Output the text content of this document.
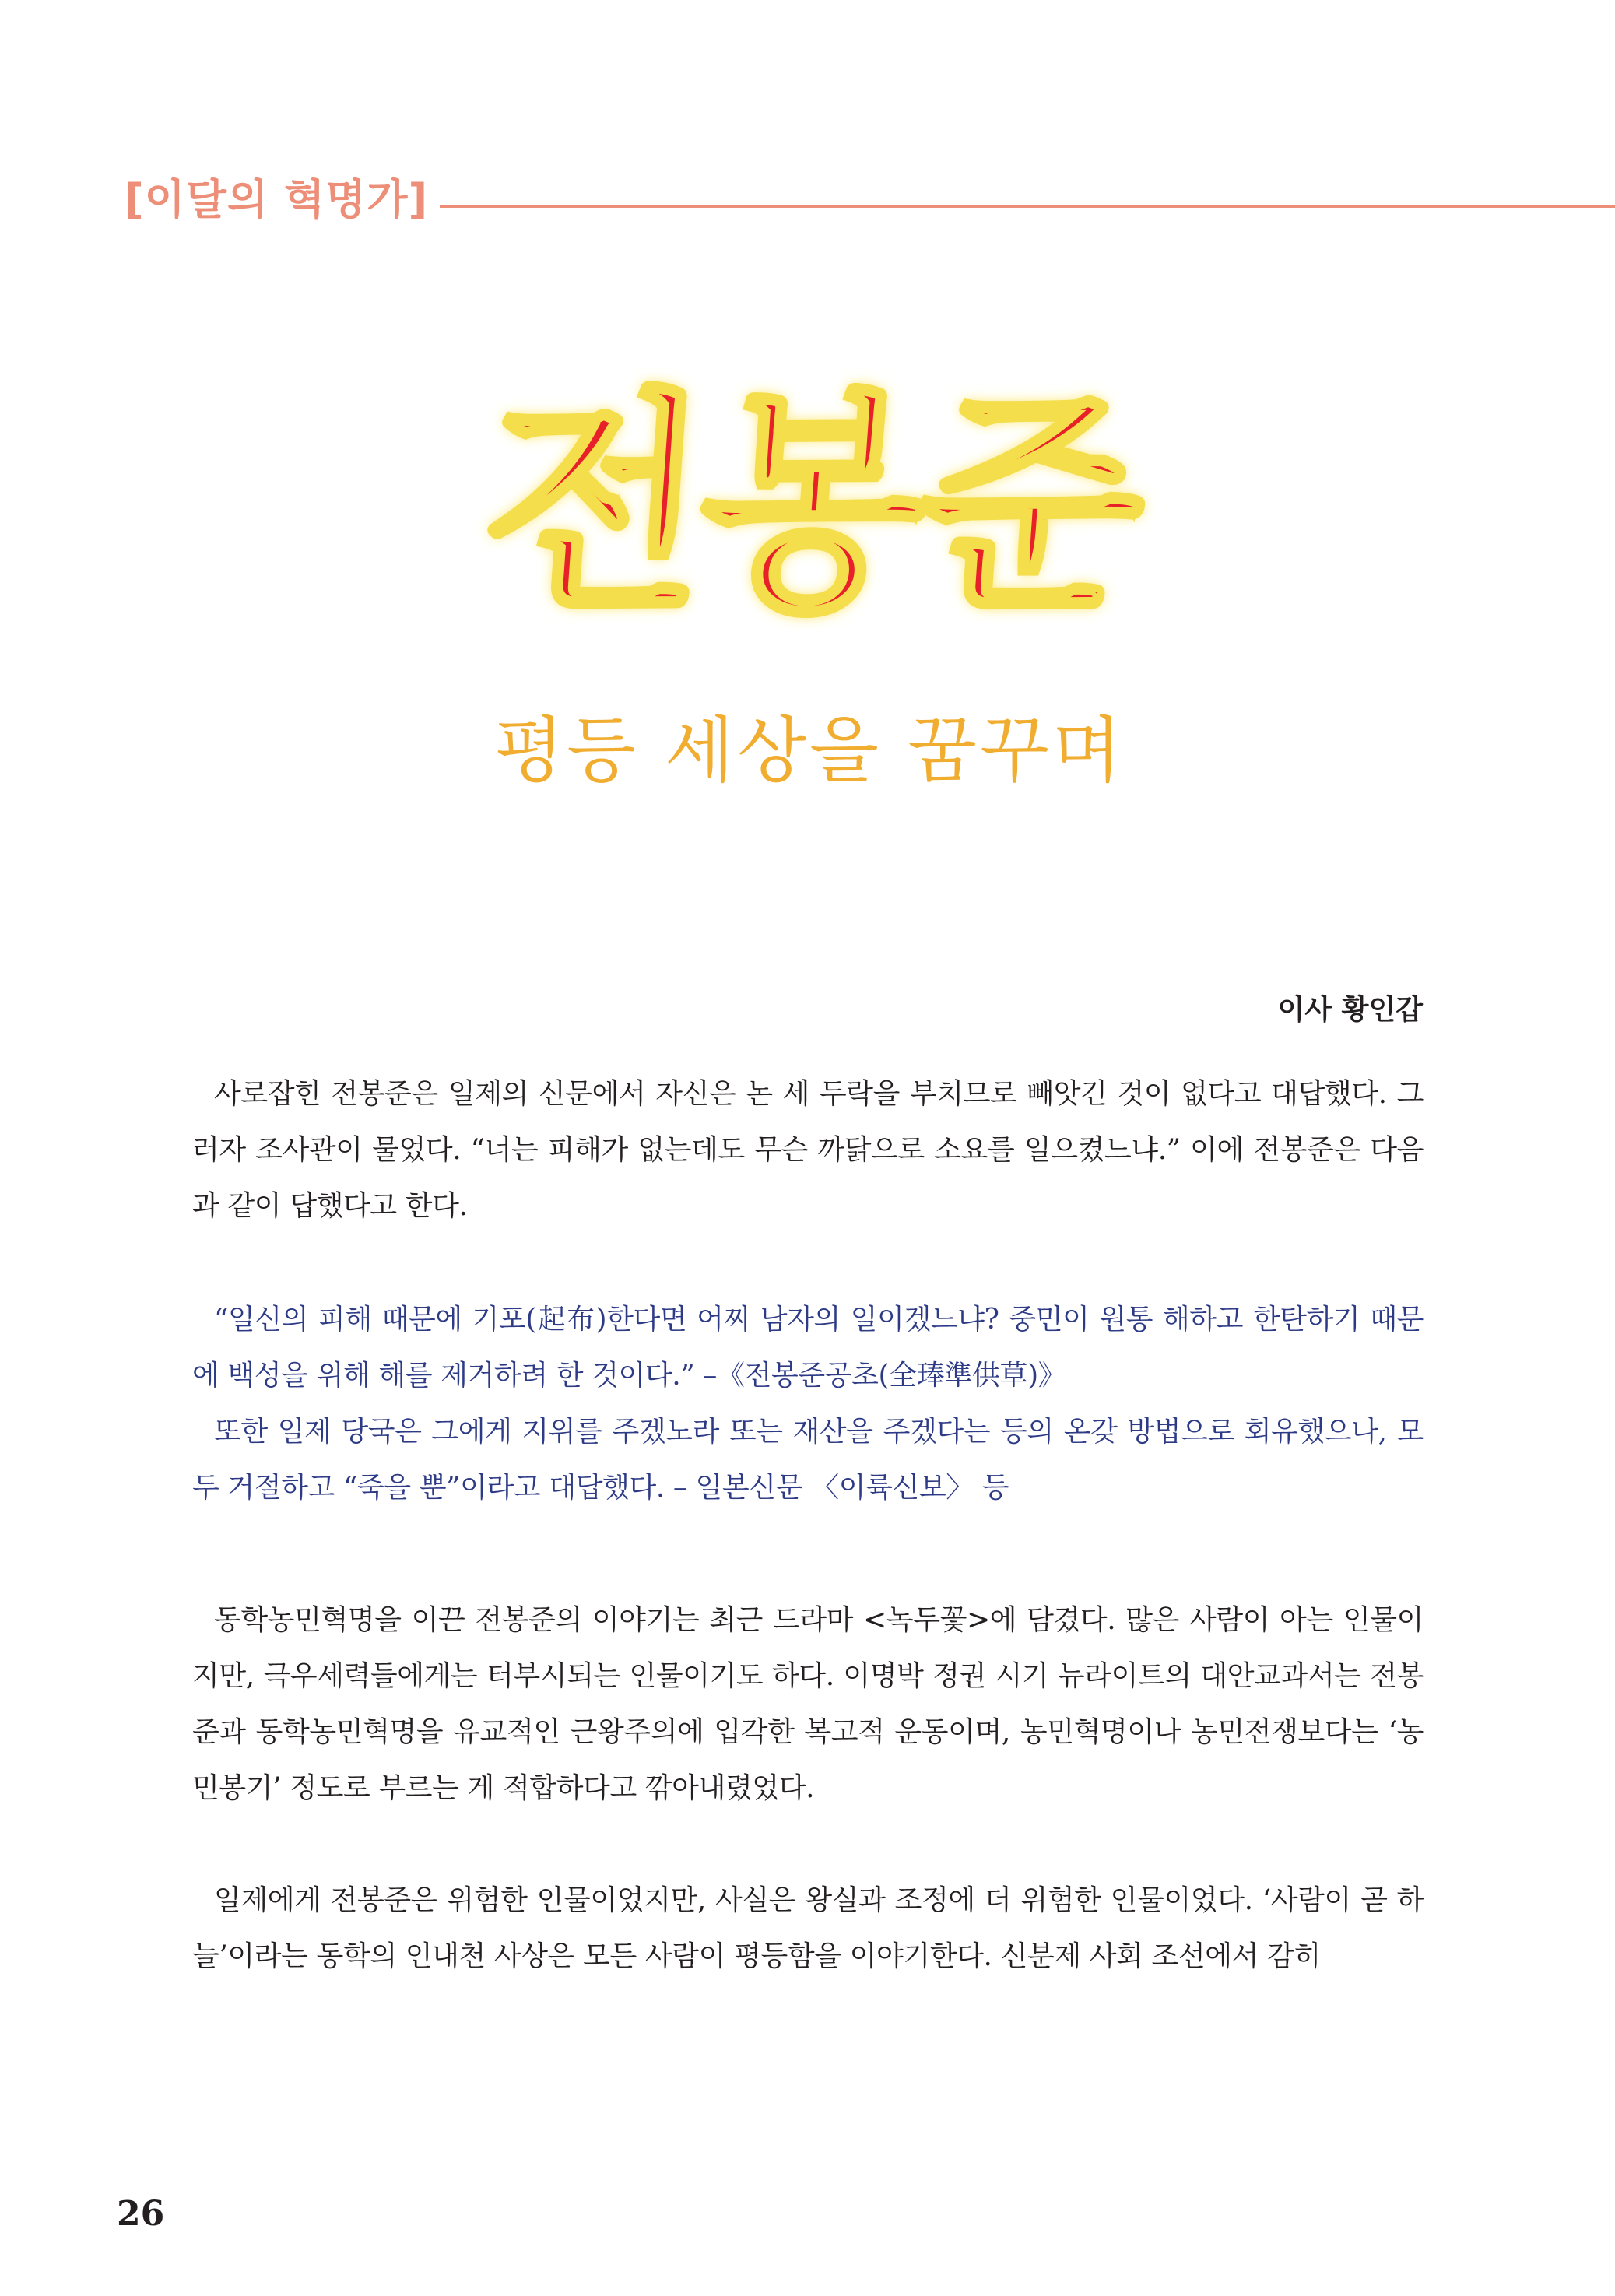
[이달의 혁명가]
전봉준
평등 세상을 꿈꾸며
이사 황인갑

사로잡힌 전봉준은 일제의 신문에서 자신은 논 세 두락을 부치므로 빼앗긴 것이 없다고 대답했다. 그러자 조사관이 물었다. “너는 피해가 없는데도 무슨 까닭으로 소요를 일으켰느냐.” 이에 전봉준은 다음과 같이 답했다고 한다.

“일신의 피해 때문에 기포(起布)한다면 어찌 남자의 일이겠느냐? 중민이 원통 해하고 한탄하기 때문에 백성을 위해 해를 제거하려 한 것이다.” –《전봉준공초(全琫準供草)》

또한 일제 당국은 그에게 지위를 주겠노라 또는 재산을 주겠다는 등의 온갖 방법으로 회유했으나, 모두 거절하고 “죽을 뿐”이라고 대답했다. – 일본신문 〈이륙신보〉 등

동학농민혁명을 이끈 전봉준의 이야기는 최근 드라마 <녹두꽃>에 담겼다. 많은 사람이 아는 인물이지만, 극우세력들에게는 터부시되는 인물이기도 하다. 이명박 정권 시기 뉴라이트의 대안교과서는 전봉준과 동학농민혁명을 유교적인 근왕주의에 입각한 복고적 운동이며, 농민혁명이나 농민전쟁보다는 ‘농민봉기’ 정도로 부르는 게 적합하다고 깎아내렸었다.

일제에게 전봉준은 위험한 인물이었지만, 사실은 왕실과 조정에 더 위험한 인물이었다. ‘사람이 곧 하늘’이라는 동학의 인내천 사상은 모든 사람이 평등함을 이야기한다. 신분제 사회 조선에서 감히

26
